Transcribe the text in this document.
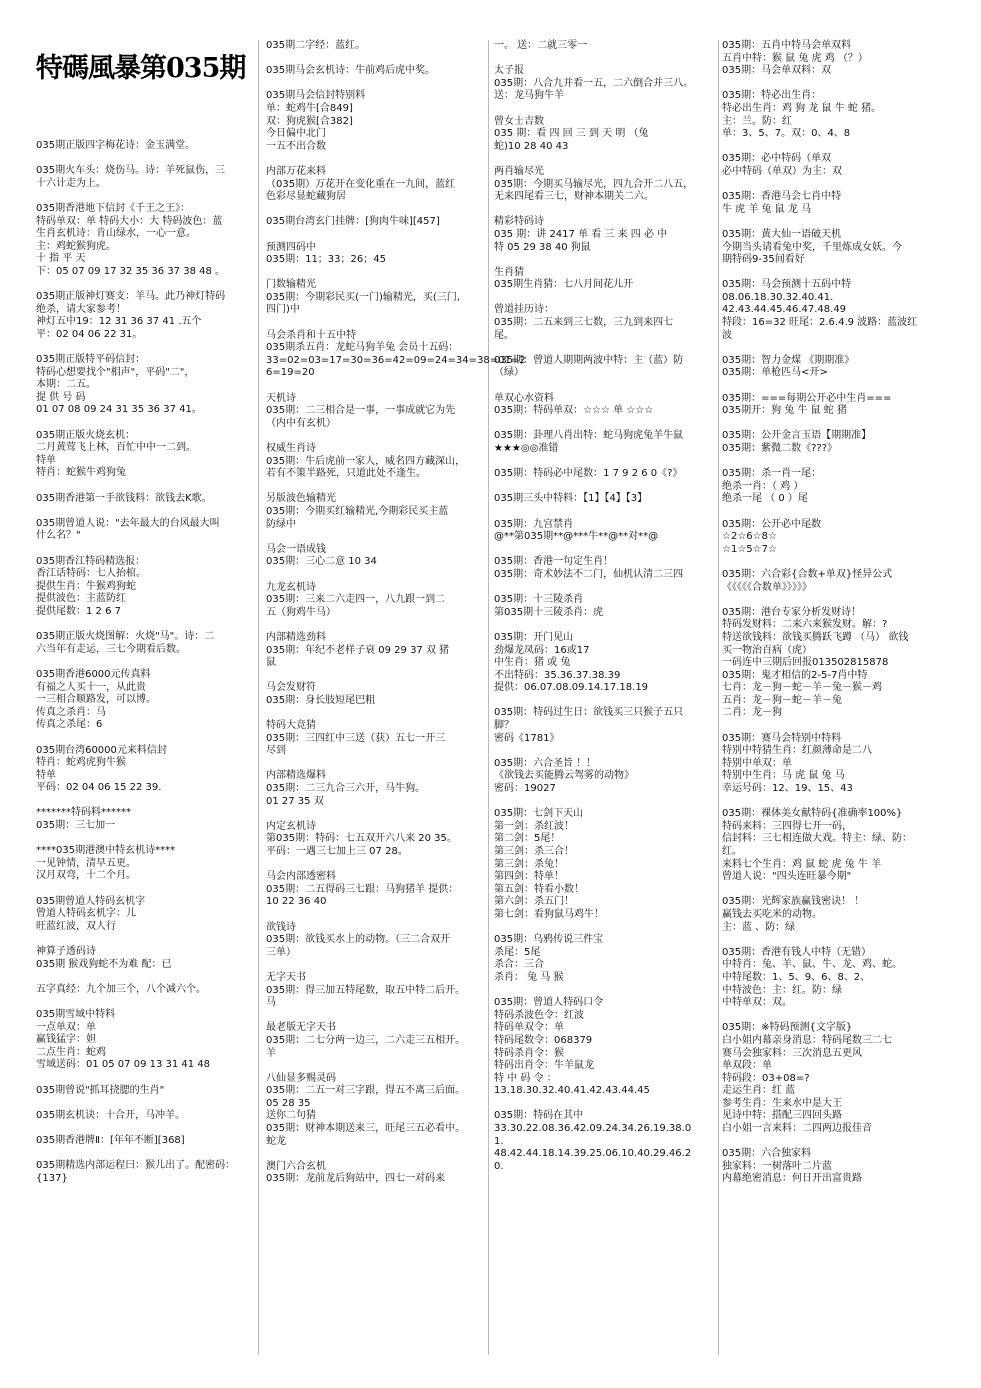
特碼風暴第035期
035期正版四字梅花诗：金玉满堂。
035期火车头：烧伤马。诗：羊死鼠伤，三
十六计走为上。
035期香港地下信封《千王之王》：
特码单双：单 特码大小：大 特码波色：蓝
生肖玄机诗：肯山绿水，一心一意。
主：鸡蛇猴狗虎。
十 指 平 天
下：05 07 09 17 32 35 36 37 38 48 。
035期正版神灯赛支：羊马。此乃神灯特码
绝杀，请大家参考！
神灯五中19：12 31 36 37 41 .五个
平：02 04 06 22 31。
035期正版特平码信封：
特码心想要找个"相声"，平码"二"，
本期：二五。
提 供 号 码
01 07 08 09 24 31 35 36 37 41。
035期正版火烧玄机：
二月黄莺飞上林，百忙中中一二到。
特单
特肖：蛇猴牛鸡狗兔
035期香港第一手欲钱料：欲钱去K歌。
035期曾道人说："去年最大的台风最大叫
什么名？"
035期香江特码精选报：
香江话特码：七人抬棺。
提供生肖：牛猴鸡狗蛇
提供波色：主蓝防红
提供尾数：1 2 6 7
035期正版火烧图解：火烧"马"。诗：二
六当年有走运，三七今期看后数。
035期香港6000元传真料
有福之人买十一，从此贵
一三相合顺路发，可以博。
传真之杀肖：马
传真之杀尾：6
035期台湾60000元来料信封
特肖：蛇鸡虎狗牛猴
特单
平码：02 04 06 15 22 39.
*******特码料******
035期：三七加一
****035期港澳中特玄机诗****
一见钟情，清早五更。
汉月双弯，十二个月。
035期曾道人特码玄机字
曾道人特码玄机字：儿
旺蓝红波，双人行
神算子透码诗
035期 猴戏狗蛇不为难 配：已
五字真经：九个加三个，八个减六个。
035期雪域中特料
一点单双：单
赢钱猛字：妲
二点生肖：蛇鸡
雪域送码：01 05 07 09 13 31 41 48
035期曾说"抓耳挠腮的生肖"
035期玄机诀：十合开，马冲羊。
035期香港牌Ⅱ：[年年不断][368]
035期精选内部运程曰：猴儿出了。配密码：
{137}
035期二字经：蓝红。
035期马会玄机诗：牛前鸡后虎中奖。
035期马会信封特别料
单：蛇鸡牛[合849]
双：狗虎猴[合382]
今日偏中北门
一五不出合数
内部万花来料
（035期）万花开在变化重在一九间，蓝红
色彩尽显蛇藏狗居
035期台湾玄门挂牌：[狗肉牛味][457]
预测四码中
035期：11；33；26；45
门数输精光
035期：今期彩民买(一门)输精光，买(三门,
四门)中
马会杀肖和十五中特
035期杀五肖：龙蛇马狗羊兔 会员十五码：
33=02=03=17=30=36=42=09=24=34=38=01=2
6=19=20
天机诗
035期：二三相合是一事，一事成就它为先
（内中有玄机）
权威生肖诗
035期：牛后虎前一家人，威名四方藏深山，
若有不策半路死，只道此处不逢生。
另版波色输精光
035期：今期买红输精光,今期彩民买主蓝
防绿中
马会一语成钱
035期：三心二意 10 34
九龙玄机诗
035期：三来二六走四一，八九跟一到二
五（狗鸡牛马）
内部精选劲料
035期：年纪不老样子衰 09 29 37 双 猪
鼠
马会发财符
035期：身长肢短尾巴粗
特码大竞猜
035期：三四红中三送（获）五七一开三
尽到
内部精选爆料
035期：二三九合三六开，马牛狗。
01 27 35 双
内定玄机诗
第035期：特码：七五双开六八来 20 35。
平码：一遇三七加上三 07 28。
马会内部透密料
035期：二五得码三七跟：马狗猪羊 提供：
10 22 36 40
欲钱诗
035期：欲钱买水上的动物。（三二合双开
三单）
无字天书
035期：得三加五特尾数，取五中特二后开。
马
最老版无字天书
035期：二七分两一边三，二六走三五相开。
羊
八仙显多赐灵码
035期：二五一对三字跟，得五不离三后面。
05 28 35
送你二句猜
035期：财神本期送来三，旺尾三五必看中。
蛇龙
澳门六合玄机
035期：龙前龙后狗站中，四七一对码来
一。 送：二就三零一
太子报
035期：八合九并看一五，二六倒合并三八。
送：龙马狗牛羊
曾女士吉数
035 期：看 四 回 三 到 天 明 （兔
蛇)10 28 40 43
两肖输尽光
035期：今期买马输尽光，四九合开二八五，
无来四尾看三七，财神本期关二六。
精彩特码诗
035 期：讲 2417 单 看 三 来 四 必 中
特 05 29 38 40 狗鼠
生肖猜
035期生肖猜：七八月间花儿开
曾道挂历诗：
035期：二五来到三七数，三九到来四七
尾。
035期：曾道人期期两波中特：主（蓝）防
（绿）
单双心水资料
035期：特码单双：☆☆☆ 单 ☆☆☆
035期：卦理八肖出特：蛇马狗虎兔羊牛鼠
★★★◎◎准错
035期：特码必中尾数：1 7 9 2 6 0《?》
035期三头中特料：【1】【4】【3】
035期：九宫禁肖
@**第035期**@***牛**@**对**@
035期：香港一句定生肖！
035期：奇术妙法不二门，仙机认清二三四
035期：十三陵杀肖
第035期十三陵杀肖：虎
035期：开门见山
劲爆龙凤码：16或17
中生肖：猪 或 兔
不出特码：35.36.37.38.39
提供：06.07.08.09.14.17.18.19
035期：特码过生日：欲钱买三只猴子五只
脚？
密码《1781》
035期：六合圣旨 ！！
《欲钱去买能腾云驾雾的动物》
密码：19027
035期：七剑下天山
第一剑：杀红波！
第二剑：5尾！
第三剑：杀三合！
第三剑：杀兔！
第四剑：特单！
第五剑：特看小数！
第六剑：杀五门！
第七剑：看狗鼠马鸡牛！
035期：乌鸦传说三件宝
杀尾：5尾
杀合：三合
杀肖： 兔 马 猴
035期：曾道人特码口令
特码杀波色令：红波
特码单双令：单
特码尾数令：068379
特码杀肖令：猴
特码出肖令：牛羊鼠龙
特 中 码 令 ：
13.18.30.32.40.41.42.43.44.45
035期：特码在其中
33.30.22.08.36.42.09.24.34.26.19.38.0
1.
48.42.44.18.14.39.25.06.10.40.29.46.2
0.
035期：五肖中特马会单双料
五肖中特：猴 鼠 兔 虎 鸡 （？）
035期：马会单双料：双
035期：特必出生肖：
特必出生肖：鸡 狗 龙 鼠 牛 蛇 猪。
主：兰。防：红
单：3、5、7。双：0、4、8
035期：必中特码（单双
必中特码（单双）为主：双
035期：香港马会七肖中特
牛 虎 羊 兔 鼠 龙 马
035期：黄大仙一语破天机
今期当头请看兔中奖，千里炼成女妖。今
期特码9-35间看好
035期：马会预测十五码中特
08.06.18.30.32.40.41.
42.43.44.45.46.47.48.49
特段：16=32 旺尾：2.6.4.9 波路：蓝波红
波
035期：智力金煤 《期期准》
035期：单枪匹马<开>
035期：===每期公开必中生肖===
035期开：狗 兔 牛 鼠 蛇 猪
035期：公开金言玉语【期期准】
035期：紫微二数《???》
035期：杀一肖一尾：
绝杀一肖：（ 鸡 ）
绝杀一尾 （ 0 ）尾
035期：公开必中尾数
☆2☆6☆8☆
☆1☆5☆7☆
035期：六合彩{合数+单双}怪异公式
《《《《《合数单》》》》》
035期：港台专家分析发财诗！
特码发财料：二来六来猴发财。解：?
特送欲钱料：欲钱买腾跃飞蹲 （马） 欲钱
买一物治百病（虎）
一码连中三期后回报013502815878
035期：鬼才相信的2-5-7肖中特
七肖：龙－狗－蛇－羊－兔－猴－鸡
五肖：龙－狗－蛇－羊－兔
二肖：龙－狗
035期：赛马会特别中特料
特别中特猜生肖：红颜薄命是二八
特别中单双：单
特别中生肖：马 虎 鼠 兔 马
幸运号码：12、19、15、43
035期：裸体美女献特码{准确率100%}
特码来料：三四得七开一码，
信封料：三七相连做大戏。特主：绿、防：
红。
来料七个生肖：鸡 鼠 蛇 虎 兔 牛 羊
曾道人说："四头连旺暴今期"
035期：光辉家族赢钱密诀！ ！
赢钱去买吃米的动物。
主：蓝 、防：绿
035期：香港有钱人中特（无错）
中特肖：兔、羊、鼠、牛、龙、鸡、蛇。
中特尾数：1、5、9、6、8、2、
中特波色：主：红。防：绿
中特单双：双。
035期：※特码预测{文字版}
白小姐内幕亲身消息：特码尾数三二七
赛马会独家料：三次消息五更风
单双段：单
特码段：03+08=?
走运生肖：红 蓝
参考生肖：生来水中是大王
见诗中特：搭配三四回头路
白小姐一言来料：二四两边报佳音
035期：六合独家料
独家料：一树落叶二片蓝
内幕绝密消息：何日开出富贵路
